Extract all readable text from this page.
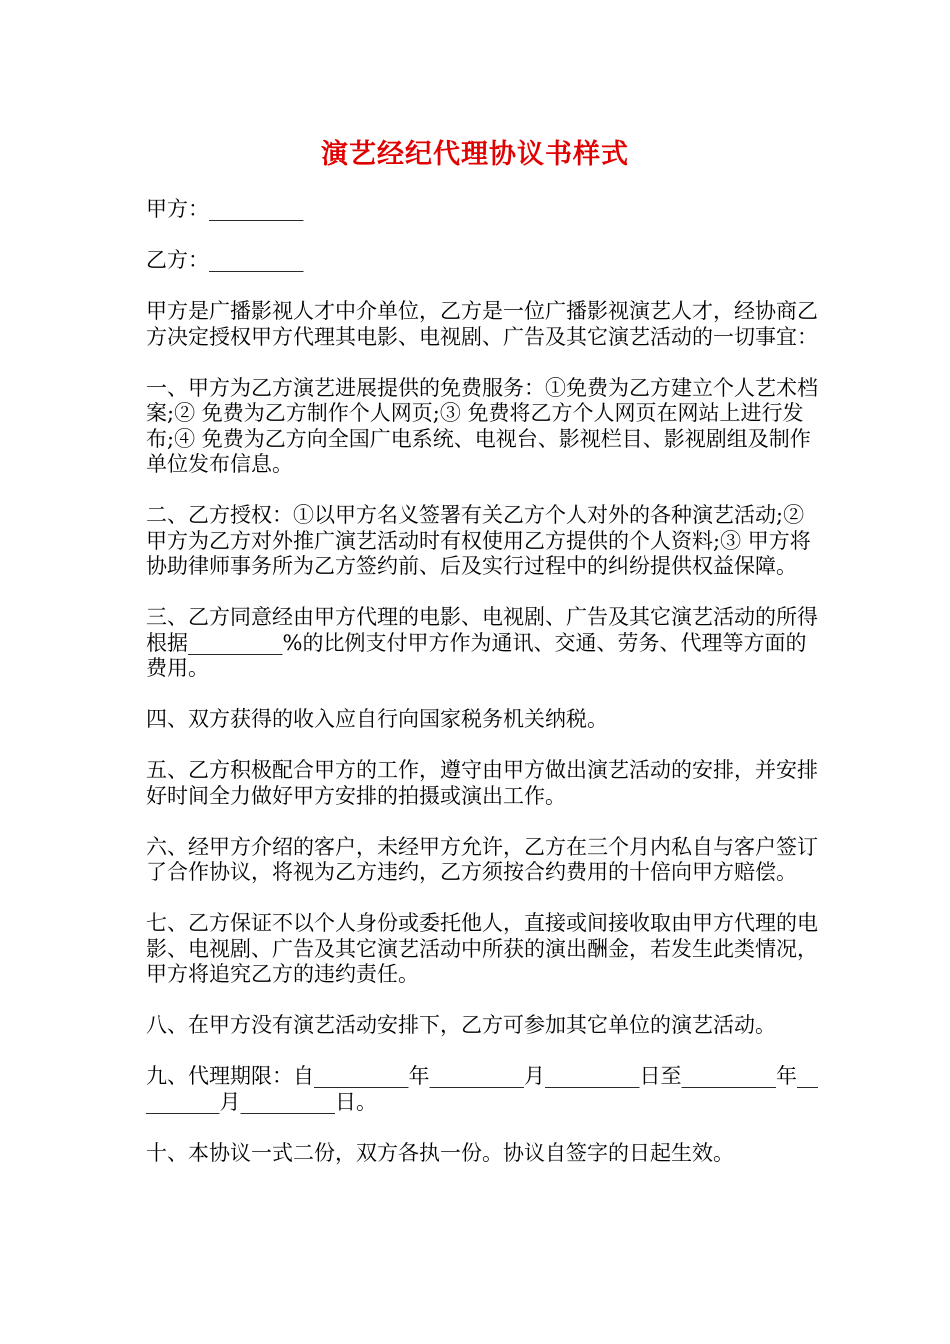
演艺经纪代理协议书样式

甲方：_________

乙方：_________

甲方是广播影视人才中介单位，乙方是一位广播影视演艺人才，经协商乙方决定授权甲方代理其电影、电视剧、广告及其它演艺活动的一切事宜：

一、甲方为乙方演艺进展提供的免费服务：①免费为乙方建立个人艺术档案;② 免费为乙方制作个人网页;③ 免费将乙方个人网页在网站上进行发布;④ 免费为乙方向全国广电系统、电视台、影视栏目、影视剧组及制作单位发布信息。

二、乙方授权：①以甲方名义签署有关乙方个人对外的各种演艺活动;② 甲方为乙方对外推广演艺活动时有权使用乙方提供的个人资料;③ 甲方将协助律师事务所为乙方签约前、后及实行过程中的纠纷提供权益保障。

三、乙方同意经由甲方代理的电影、电视剧、广告及其它演艺活动的所得根据_________%的比例支付甲方作为通讯、交通、劳务、代理等方面的费用。

四、双方获得的收入应自行向国家税务机关纳税。

五、乙方积极配合甲方的工作，遵守由甲方做出演艺活动的安排，并安排好时间全力做好甲方安排的拍摄或演出工作。

六、经甲方介绍的客户，未经甲方允许，乙方在三个月内私自与客户签订了合作协议，将视为乙方违约，乙方须按合约费用的十倍向甲方赔偿。

七、乙方保证不以个人身份或委托他人，直接或间接收取由甲方代理的电影、电视剧、广告及其它演艺活动中所获的演出酬金，若发生此类情况，甲方将追究乙方的违约责任。

八、在甲方没有演艺活动安排下，乙方可参加其它单位的演艺活动。

九、代理期限：自_________年_________月_________日至_________年_________月_________日。

十、本协议一式二份，双方各执一份。协议自签字的日起生效。
